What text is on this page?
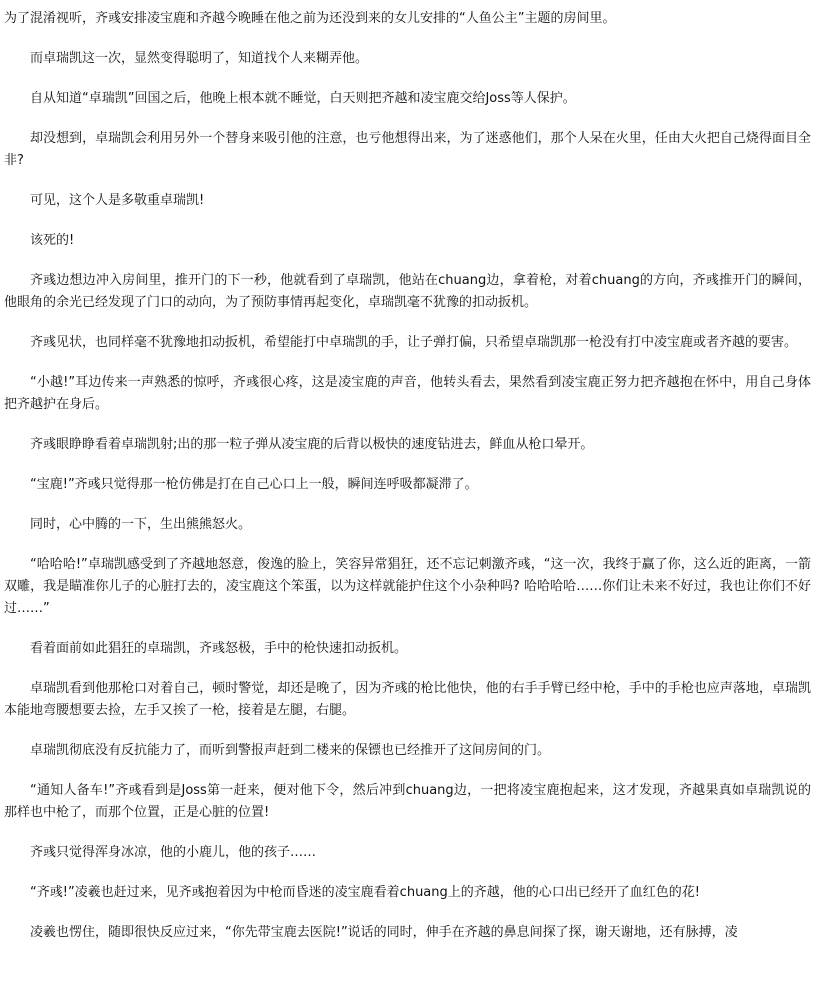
为了混淆视听，齐彧安排凌宝鹿和齐越今晚睡在他之前为还没到来的女儿安排的“人鱼公主”主题的房间里。

而卓瑞凯这一次，显然变得聪明了，知道找个人来糊弄他。

自从知道“卓瑞凯”回国之后，他晚上根本就不睡觉，白天则把齐越和凌宝鹿交给Joss等人保护。

却没想到，卓瑞凯会利用另外一个替身来吸引他的注意，也亏他想得出来，为了迷惑他们，那个人呆在火里，任由大火把自己烧得面目全非?

可见，这个人是多敬重卓瑞凯!

该死的!

齐彧边想边冲入房间里，推开门的下一秒，他就看到了卓瑞凯，他站在chuang边，拿着枪，对着chuang的方向，齐彧推开门的瞬间，他眼角的余光已经发现了门口的动向，为了预防事情再起变化，卓瑞凯毫不犹豫的扣动扳机。

齐彧见状，也同样毫不犹豫地扣动扳机，希望能打中卓瑞凯的手，让子弹打偏，只希望卓瑞凯那一枪没有打中凌宝鹿或者齐越的要害。

“小越!”耳边传来一声熟悉的惊呼，齐彧很心疼，这是凌宝鹿的声音，他转头看去，果然看到凌宝鹿正努力把齐越抱在怀中，用自己身体把齐越护在身后。

齐彧眼睁睁看着卓瑞凯射;出的那一粒子弹从凌宝鹿的后背以极快的速度钻进去，鲜血从枪口晕开。

“宝鹿!”齐彧只觉得那一枪仿佛是打在自己心口上一般，瞬间连呼吸都凝滞了。

同时，心中腾的一下，生出熊熊怒火。

“哈哈哈!”卓瑞凯感受到了齐越地怒意，俊逸的脸上，笑容异常猖狂，还不忘记刺激齐彧，“这一次，我终于赢了你，这么近的距离，一箭双雕，我是瞄准你儿子的心脏打去的，凌宝鹿这个笨蛋，以为这样就能护住这个小杂种吗? 哈哈哈哈……你们让未来不好过，我也让你们不好过……”

看着面前如此猖狂的卓瑞凯，齐彧怒极，手中的枪快速扣动扳机。

卓瑞凯看到他那枪口对着自己，顿时警觉，却还是晚了，因为齐彧的枪比他快，他的右手手臂已经中枪，手中的手枪也应声落地，卓瑞凯本能地弯腰想要去捡，左手又挨了一枪，接着是左腿，右腿。

卓瑞凯彻底没有反抗能力了，而听到警报声赶到二楼来的保镖也已经推开了这间房间的门。

“通知人备车!”齐彧看到是Joss第一赶来，便对他下令，然后冲到chuang边，一把将凌宝鹿抱起来，这才发现，齐越果真如卓瑞凯说的那样也中枪了，而那个位置，正是心脏的位置!

齐彧只觉得浑身冰凉，他的小鹿儿，他的孩子……

“齐彧!”凌羲也赶过来，见齐彧抱着因为中枪而昏迷的凌宝鹿看着chuang上的齐越，他的心口出已经开了血红色的花!

凌羲也愣住，随即很快反应过来，“你先带宝鹿去医院!”说话的同时，伸手在齐越的鼻息间探了探，谢天谢地，还有脉搏，凌
